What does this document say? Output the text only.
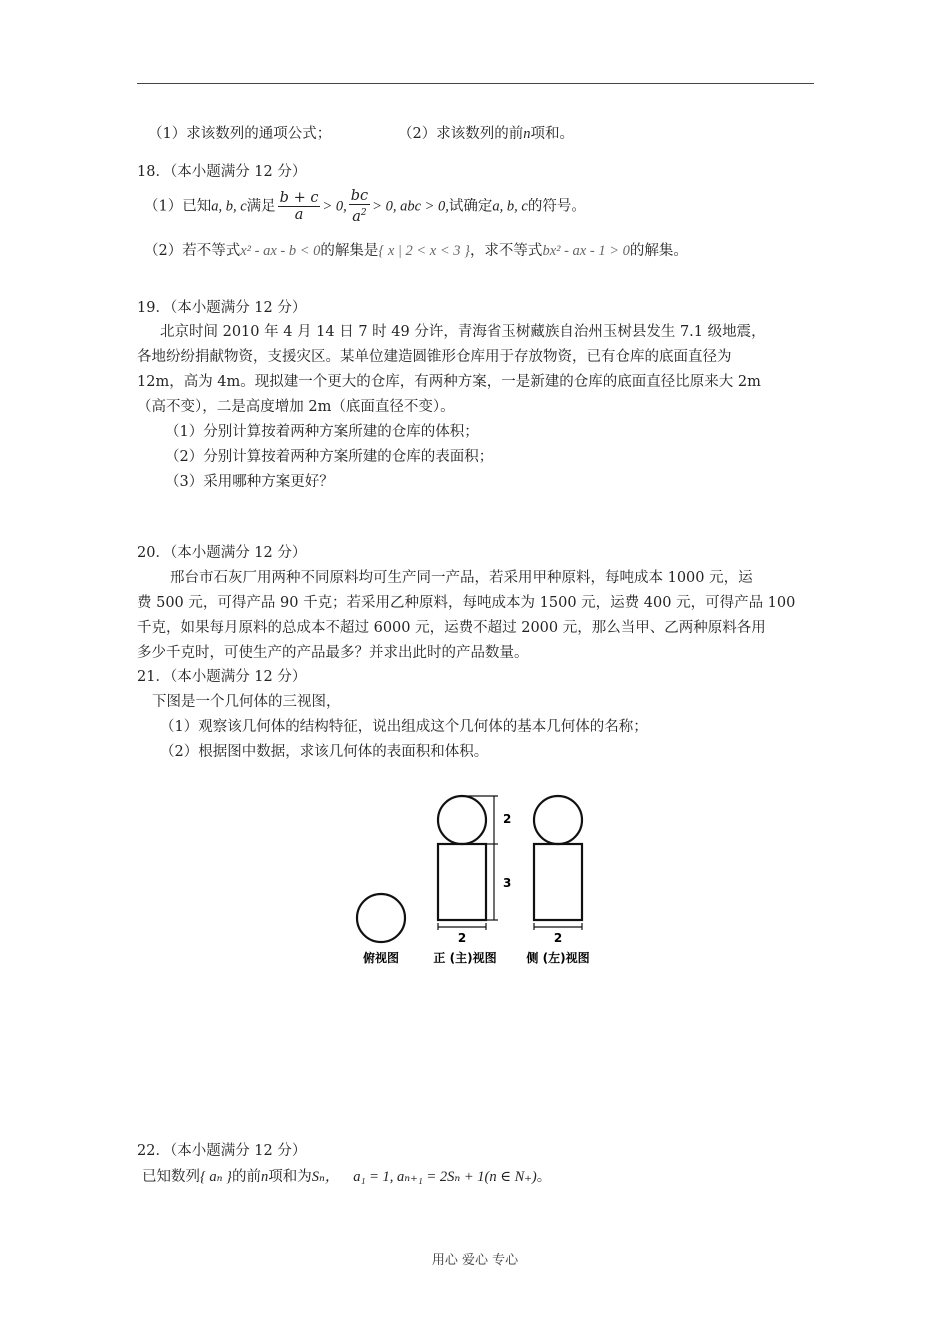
（1）求该数列的通项公式；	（2）求该数列的前n项和。
18．（本小题满分 12 分）
（1）已知a, b, c满足 $\frac{b + c}{a} > 0$, $\frac{bc}{a^2} > 0$, abc > 0,试确定a, b, c的符号。
（2）若不等式x² - ax - b < 0的解集是{ x | 2 < x < 3 }，求不等式bx² - ax - 1 > 0的解集。
19．（本小题满分 12 分）
北京时间 2010 年 4 月 14 日 7 时 49 分许，青海省玉树藏族自治州玉树县发生 7.1 级地震，
各地纷纷捐献物资，支援灾区。某单位建造圆锥形仓库用于存放物资，已有仓库的底面直径为
12m，高为 4m。现拟建一个更大的仓库，有两种方案，一是新建的仓库的底面直径比原来大 2m
（高不变），二是高度增加 2m（底面直径不变）。
（1）分别计算按着两种方案所建的仓库的体积；
（2）分别计算按着两种方案所建的仓库的表面积；
（3）采用哪种方案更好？
20．（本小题满分 12 分）
邢台市石灰厂用两种不同原料均可生产同一产品，若采用甲种原料，每吨成本 1000 元，运
费 500 元，可得产品 90 千克；若采用乙种原料，每吨成本为 1500 元，运费 400 元，可得产品 100
千克，如果每月原料的总成本不超过 6000 元，运费不超过 2000 元，那么当甲、乙两种原料各用
多少千克时，可使生产的产品最多？并求出此时的产品数量。
21．（本小题满分 12 分）
下图是一个几何体的三视图，
（1）观察该几何体的结构特征，说出组成这个几何体的基本几何体的名称；
（2）根据图中数据，求该几何体的表面积和体积。
俯视图
2
3
2
正 (主)视图
2
侧 (左)视图
22．（本小题满分 12 分）
已知数列{ aₙ }的前n项和为Sₙ， a₁ = 1, aₙ₊₁ = 2Sₙ + 1(n ∈ N₊)。
用心 爱心 专心
